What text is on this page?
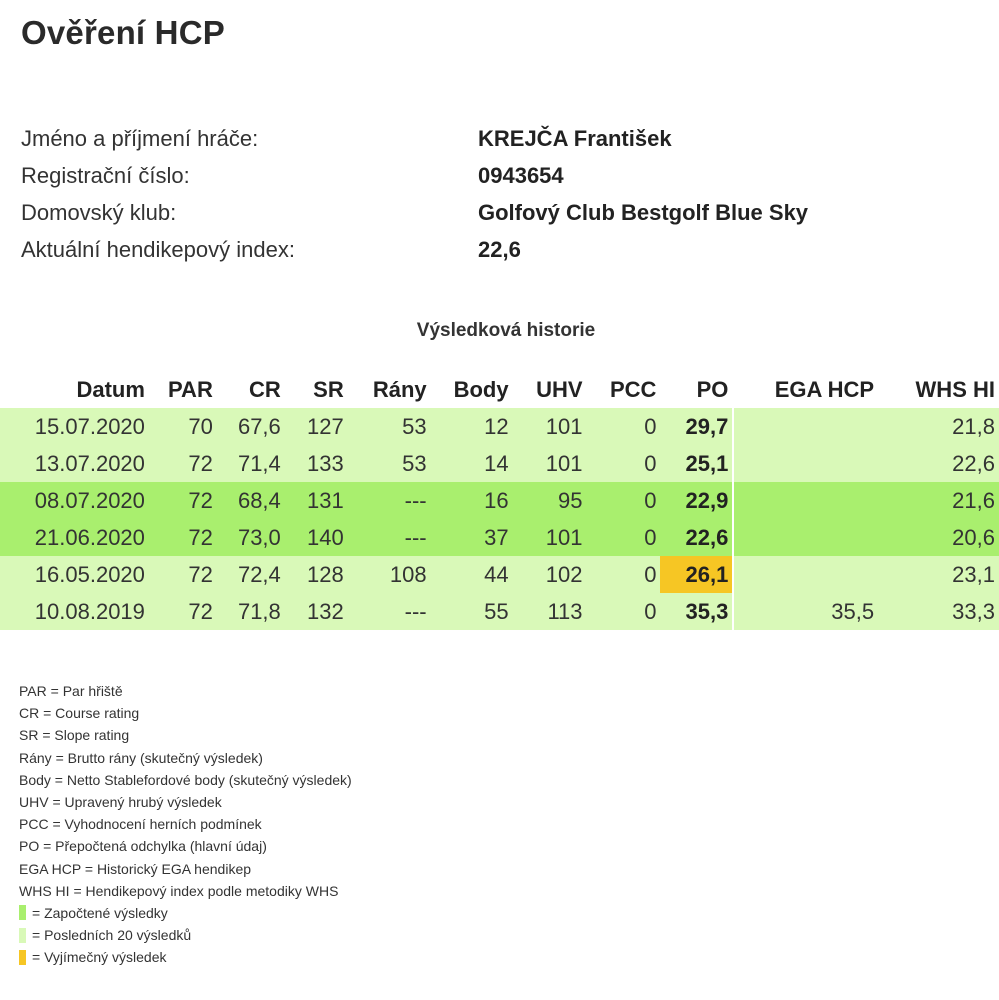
Ověření HCP
Jméno a příjmení hráče:	KREJČA František
Registrační číslo:	0943654
Domovský klub:	Golfový Club Bestgolf Blue Sky
Aktuální hendikepový index:	22,6
Výsledková historie
Datum	PAR	CR	SR	Rány	Body	UHV	PCC	PO		EGA HCP	WHS HI
15.07.2020	70	67,6	127	53	12	101	0	29,7			21,8
13.07.2020	72	71,4	133	53	14	101	0	25,1			22,6
08.07.2020	72	68,4	131	---	16	95	0	22,9			21,6
21.06.2020	72	73,0	140	---	37	101	0	22,6			20,6
16.05.2020	72	72,4	128	108	44	102	0	26,1			23,1
10.08.2019	72	71,8	132	---	55	113	0	35,3		35,5	33,3
PAR = Par hřiště
CR = Course rating
SR = Slope rating
Rány = Brutto rány (skutečný výsledek)
Body = Netto Stablefordové body (skutečný výsledek)
UHV = Upravený hrubý výsledek
PCC = Vyhodnocení herních podmínek
PO = Přepočtená odchylka (hlavní údaj)
EGA HCP = Historický EGA hendikep
WHS HI = Hendikepový index podle metodiky WHS
= Započtené výsledky
= Posledních 20 výsledků
= Vyjímečný výsledek
